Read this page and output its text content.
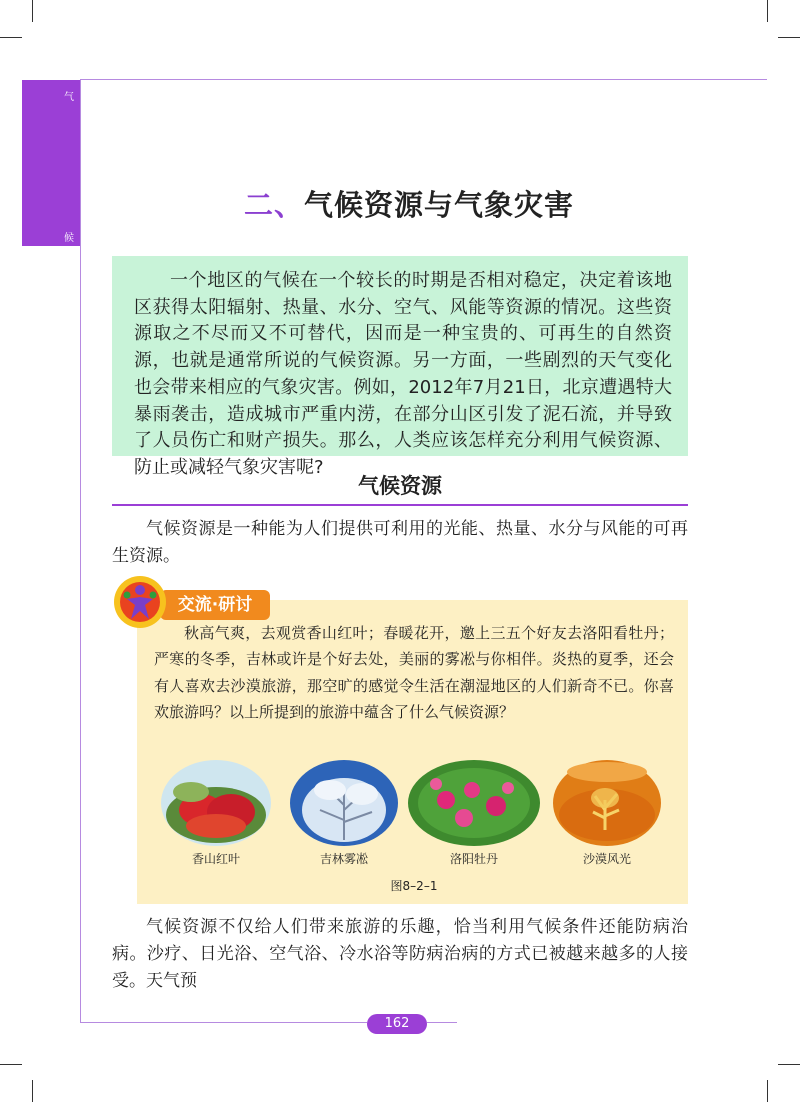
气
候
162
二、气候资源与气象灾害

一个地区的气候在一个较长的时期是否相对稳定，决定着该地区获得太阳辐射、热量、水分、空气、风能等资源的情况。这些资源取之不尽而又不可替代，因而是一种宝贵的、可再生的自然资源，也就是通常所说的气候资源。另一方面，一些剧烈的天气变化也会带来相应的气象灾害。例如，2012年7月21日，北京遭遇特大暴雨袭击，造成城市严重内涝，在部分山区引发了泥石流，并导致了人员伤亡和财产损失。那么，人类应该怎样充分利用气候资源、防止或减轻气象灾害呢?

气候资源

气候资源是一种能为人们提供可利用的光能、热量、水分与风能的可再生资源。

交流·研讨

秋高气爽，去观赏香山红叶；春暖花开，邀上三五个好友去洛阳看牡丹；严寒的冬季，吉林或许是个好去处，美丽的雾凇与你相伴。炎热的夏季，还会有人喜欢去沙漠旅游，那空旷的感觉令生活在潮湿地区的人们新奇不已。你喜欢旅游吗？以上所提到的旅游中蕴含了什么气候资源？

香山红叶	吉林雾凇	洛阳牡丹	沙漠风光
图8–2–1

气候资源不仅给人们带来旅游的乐趣，恰当利用气候条件还能防病治病。沙疗、日光浴、空气浴、冷水浴等防病治病的方式已被越来越多的人接受。天气预
